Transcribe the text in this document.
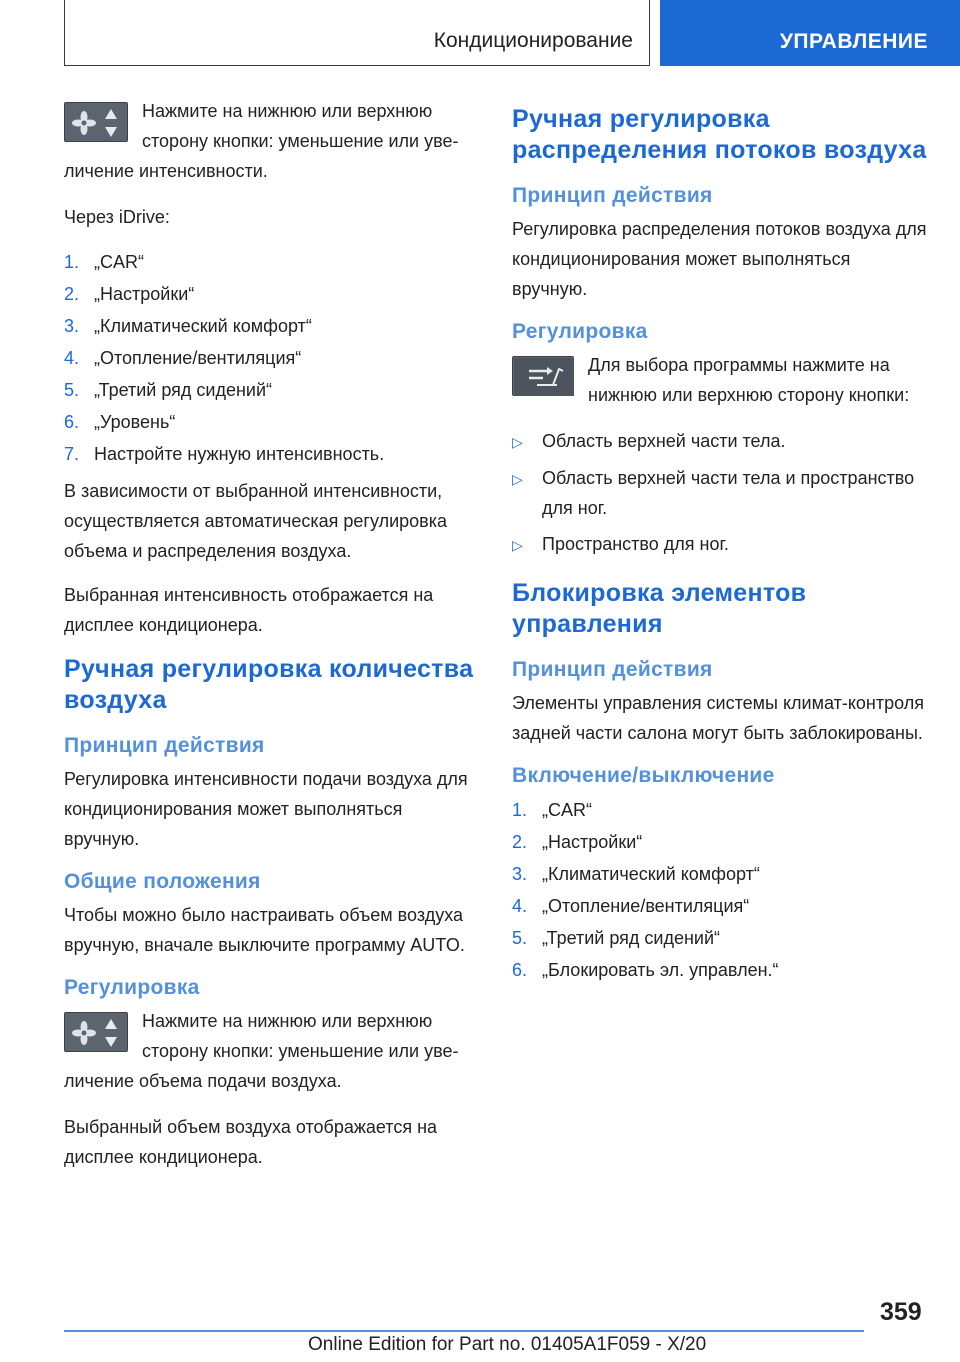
Кондиционирование	УПРАВЛЕНИЕ
Нажмите на нижнюю или верхнюю сторону кнопки: уменьшение или увеличение интенсивности.
Через iDrive:
1. „CAR“
2. „Настройки“
3. „Климатический комфорт“
4. „Отопление/вентиляция“
5. „Третий ряд сидений“
6. „Уровень“
7. Настройте нужную интенсивность.
В зависимости от выбранной интенсивности, осуществляется автоматическая регулировка объема и распределения воздуха.
Выбранная интенсивность отображается на дисплее кондиционера.
Ручная регулировка количества воздуха
Принцип действия
Регулировка интенсивности подачи воздуха для кондиционирования может выполняться вручную.
Общие положения
Чтобы можно было настраивать объем воздуха вручную, вначале выключите программу AUTO.
Регулировка
Нажмите на нижнюю или верхнюю сторону кнопки: уменьшение или увеличение объема подачи воздуха.
Выбранный объем воздуха отображается на дисплее кондиционера.
Ручная регулировка распределения потоков воздуха
Принцип действия
Регулировка распределения потоков воздуха для кондиционирования может выполняться вручную.
Регулировка
Для выбора программы нажмите на нижнюю или верхнюю сторону кнопки:
▷	Область верхней части тела.
▷	Область верхней части тела и пространство для ног.
▷	Пространство для ног.
Блокировка элементов управления
Принцип действия
Элементы управления системы климат-контроля задней части салона могут быть заблокированы.
Включение/выключение
1. „CAR“
2. „Настройки“
3. „Климатический комфорт“
4. „Отопление/вентиляция“
5. „Третий ряд сидений“
6. „Блокировать эл. управлен.“
359
Online Edition for Part no. 01405A1F059 - X/20
